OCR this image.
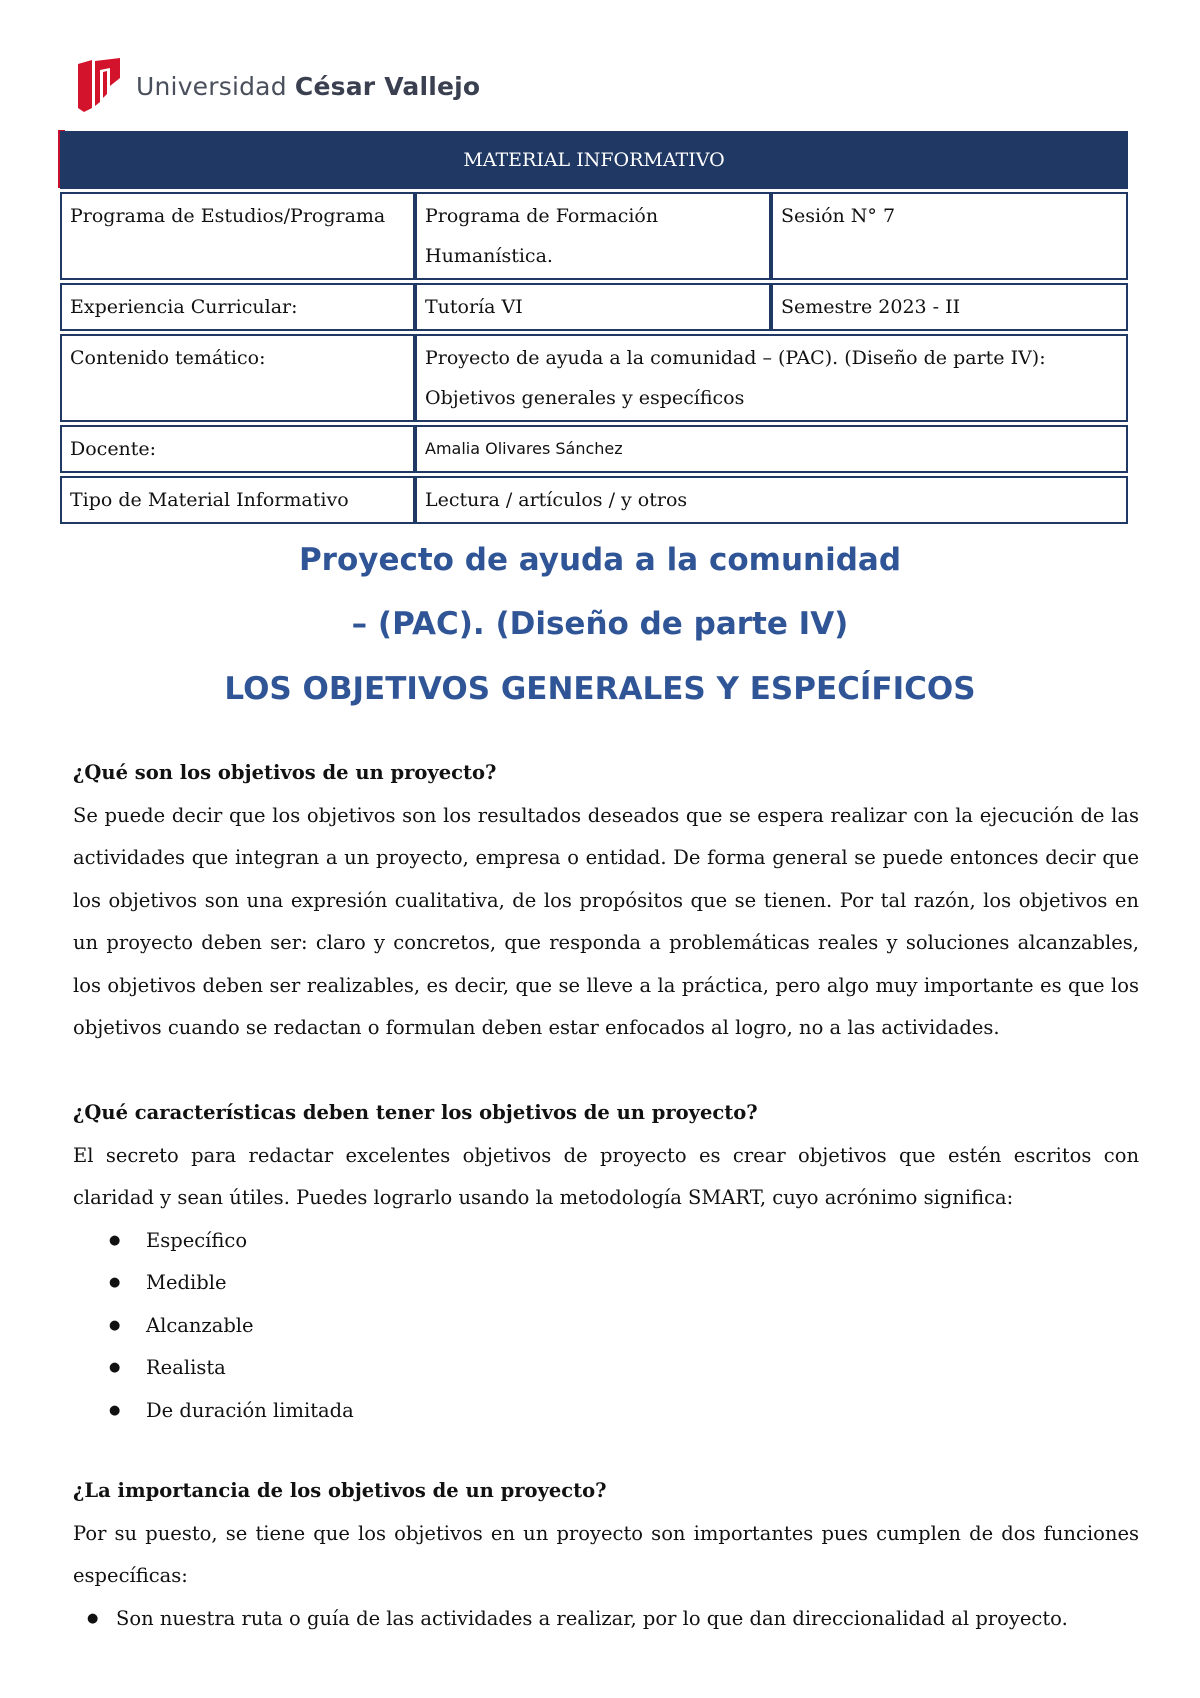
Universidad César Vallejo
MATERIAL INFORMATIVO		
Programa de Estudios/Programa	Programa de Formación Humanística.	Sesión N° 7
Experiencia Curricular:	Tutoría VI	Semestre 2023 - II
Contenido temático:	Proyecto de ayuda a la comunidad – (PAC). (Diseño de parte IV): Objetivos generales y específicos	
Docente:	Amalia Olivares Sánchez	
Tipo de Material Informativo	Lectura / artículos / y otros	
Proyecto de ayuda a la comunidad
– (PAC). (Diseño de parte IV)
LOS OBJETIVOS GENERALES Y ESPECÍFICOS
¿Qué son los objetivos de un proyecto?

Se puede decir que los objetivos son los resultados deseados que se espera realizar con la ejecución de las actividades que integran a un proyecto, empresa o entidad. De forma general se puede entonces decir que los objetivos son una expresión cualitativa, de los propósitos que se tienen. Por tal razón, los objetivos en un proyecto deben ser: claro y concretos, que responda a problemáticas reales y soluciones alcanzables, los objetivos deben ser realizables, es decir, que se lleve a la práctica, pero algo muy importante es que los objetivos cuando se redactan o formulan deben estar enfocados al logro, no a las actividades.

¿Qué características deben tener los objetivos de un proyecto?

El secreto para redactar excelentes objetivos de proyecto es crear objetivos que estén escritos con claridad y sean útiles. Puedes lograrlo usando la metodología SMART, cuyo acrónimo significa:

● Específico
● Medible
● Alcanzable
● Realista
● De duración limitada
¿La importancia de los objetivos de un proyecto?

Por su puesto, se tiene que los objetivos en un proyecto son importantes pues cumplen de dos funciones específicas:

● Son nuestra ruta o guía de las actividades a realizar, por lo que dan direccionalidad al proyecto.
